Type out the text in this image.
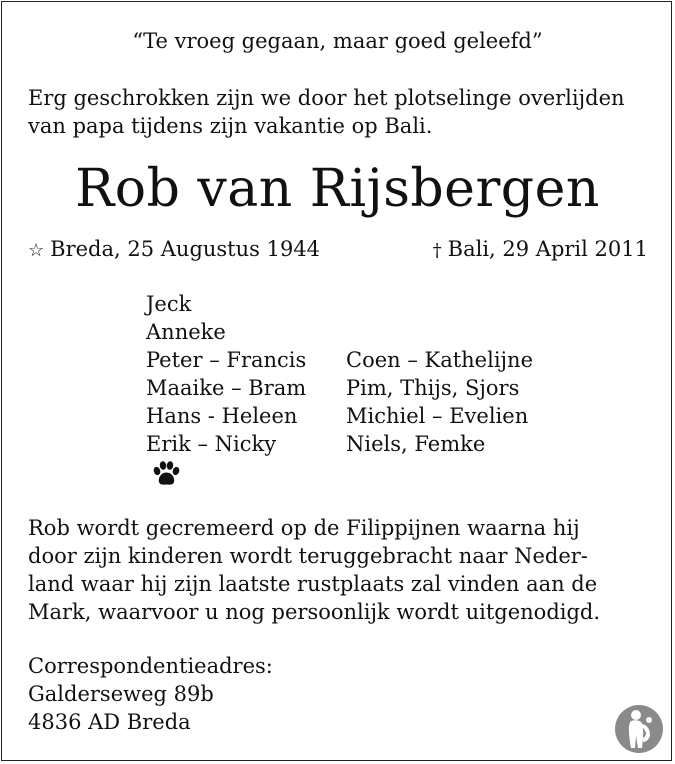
“Te vroeg gegaan, maar goed geleefd”
Erg geschrokken zijn we door het plotselinge overlijden
van papa tijdens zijn vakantie op Bali.
Rob van Rijsbergen
☆ Breda, 25 Augustus 1944	† Bali, 29 April 2011
Jeck
Anneke
Peter – Francis Coen – Kathelijne
Maaike – Bram Pim, Thijs, Sjors
Hans - Heleen Michiel – Evelien
Erik – Nicky	Niels, Femke
Rob wordt gecremeerd op de Filippijnen waarna hij
door zijn kinderen wordt teruggebracht naar Neder-
land waar hij zijn laatste rustplaats zal vinden aan de
Mark, waarvoor u nog persoonlijk wordt uitgenodigd.
Correspondentieadres:
Galderseweg 89b
4836 AD Breda
